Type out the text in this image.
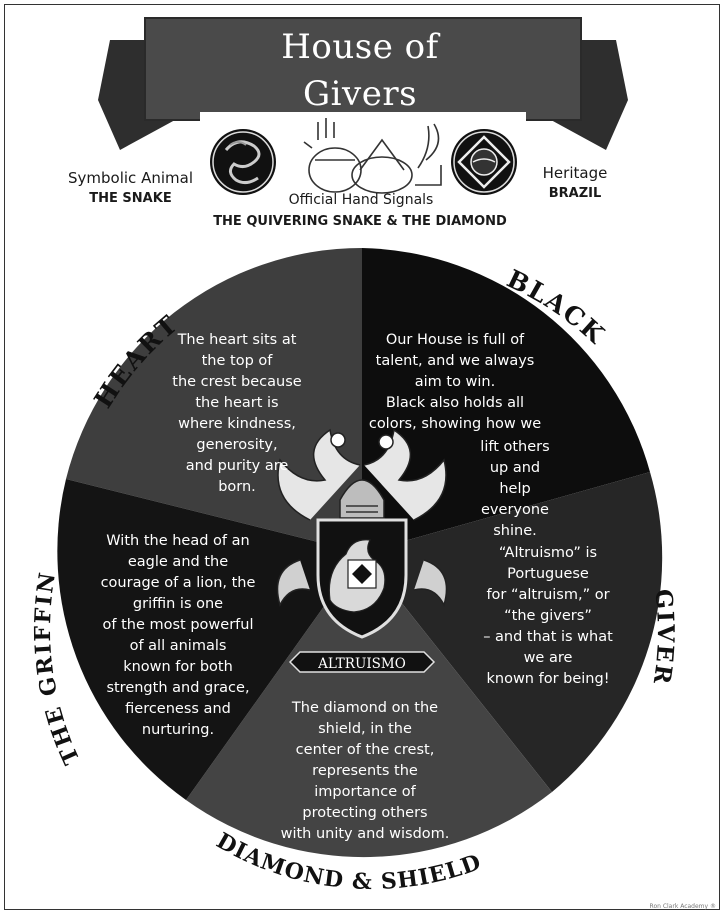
House of
Givers
Symbolic Animal
THE SNAKE
Heritage
BRAZIL
Official Hand Signals
THE QUIVERING SNAKE & THE DIAMOND
HEART
BLACK
GIVER
DIAMOND & SHIELD
THE GRIFFIN
ALTRUISMO
The heart sits at
the top of
the crest because
the heart is
where kindness,
generosity,
and purity are
born.
Our House is full of
talent, and we always
aim to win.
Black also holds all
colors, showing how we
lift others up and
help everyone shine.
“Altruismo” is
Portuguese
for “altruism,” or
“the givers”
– and that is what
we are
known for being!
The diamond on the
shield, in the
center of the crest,
represents the
importance of
protecting others
with unity and wisdom.
With the head of an
eagle and the
courage of a lion, the
griffin is one
of the most powerful
of all animals
known for both
strength and grace,
fierceness and
nurturing.
Ron Clark Academy ®
